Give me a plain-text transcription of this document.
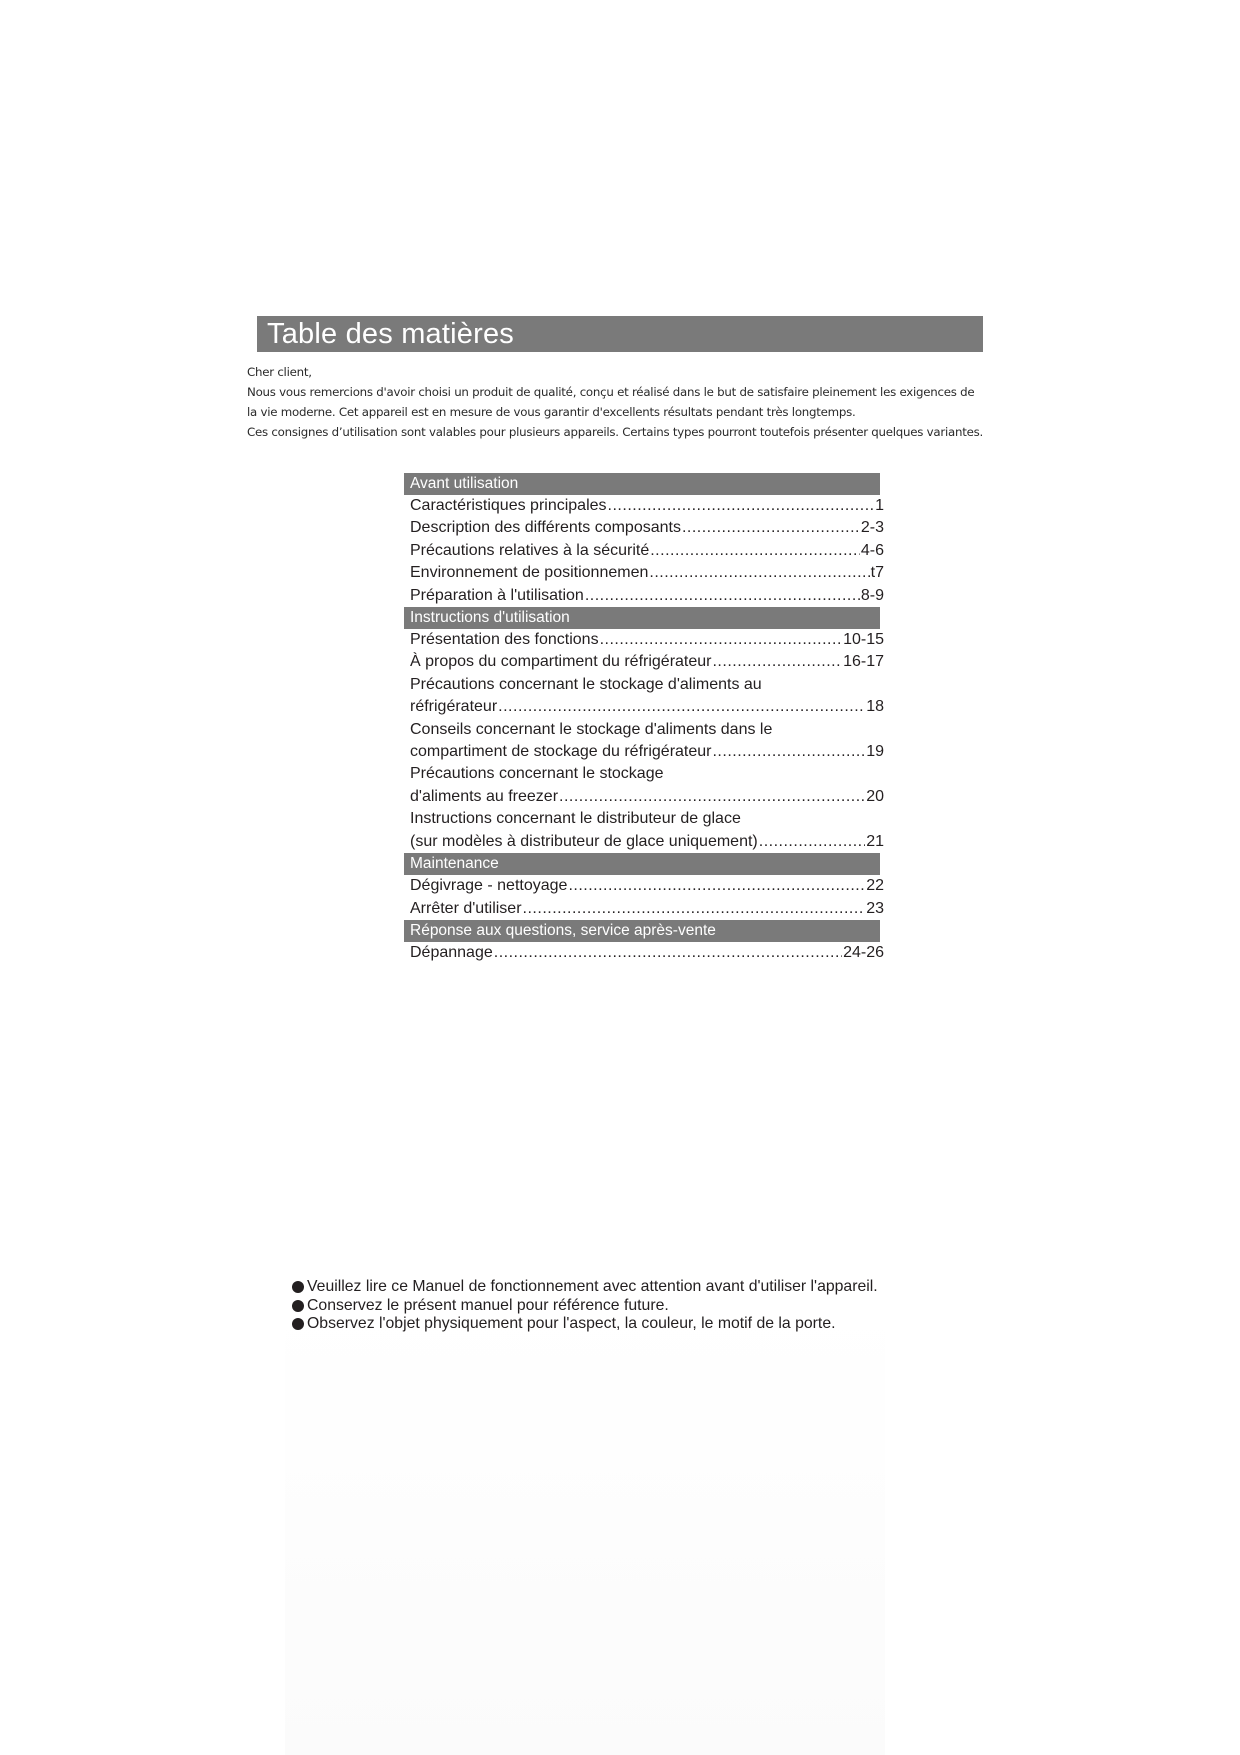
Table des matières

Cher client,

Nous vous remercions d'avoir choisi un produit de qualité, conçu et réalisé dans le but de satisfaire pleinement les exigences de

la vie moderne. Cet appareil est en mesure de vous garantir d'excellents résultats pendant très longtemps.

Ces consignes d’utilisation sont valables pour plusieurs appareils. Certains types pourront toutefois présenter quelques variantes.

Avant utilisation
Caractéristiques principales .....	1
Description des différents composants .....	2-3
Précautions relatives à la sécurité .....	4-6
Environnement de positionnemen .....	t7
Préparation à l'utilisation .....	8-9
Instructions d'utilisation
Présentation des fonctions .....	10-15
À propos du compartiment du réfrigérateur .....	16-17
Précautions concernant le stockage d'aliments au
réfrigérateur .....	18
Conseils concernant le stockage d'aliments dans le
compartiment de stockage du réfrigérateur .....	19
Précautions concernant le stockage
d'aliments au freezer .....	20
Instructions concernant le distributeur de glace
(sur modèles à distributeur de glace uniquement) .....	21
Maintenance
Dégivrage - nettoyage .....	22
Arrêter d'utiliser .....	23
Réponse aux questions, service après-vente
Dépannage .....	24-26
Veuillez lire ce Manuel de fonctionnement avec attention avant d'utiliser l'appareil.
Conservez le présent manuel pour référence future.
Observez l'objet physiquement pour l'aspect, la couleur, le motif de la porte.
